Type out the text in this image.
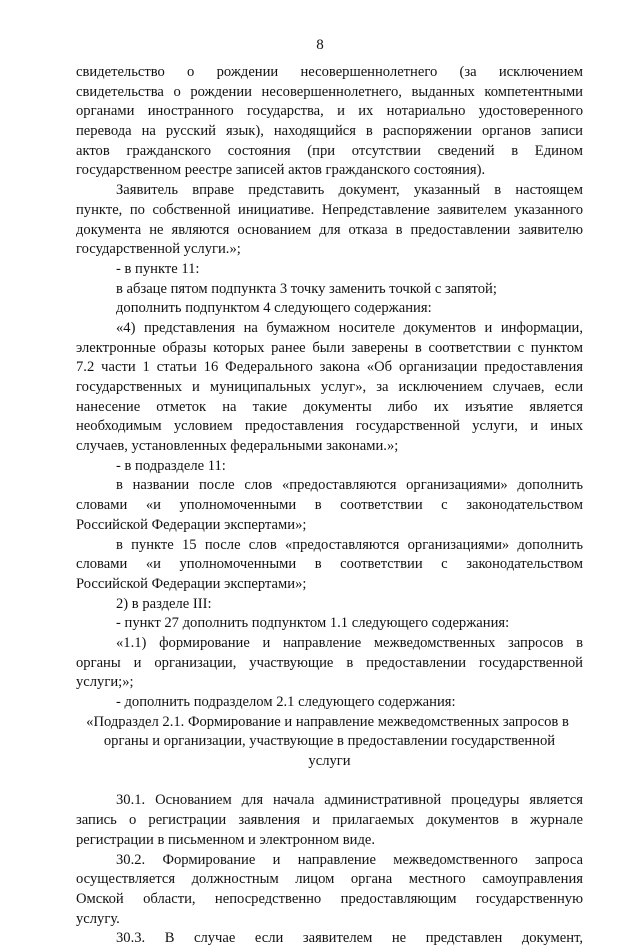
8
свидетельство о рождении несовершеннолетнего (за исключением
свидетельства о рождении несовершеннолетнего, выданных компетентными
органами иностранного государства, и их нотариально удостоверенного
перевода на русский язык), находящийся в распоряжении органов записи
актов гражданского состояния (при отсутствии сведений в Едином
государственном реестре записей актов гражданского состояния).
Заявитель вправе представить документ, указанный в настоящем
пункте, по собственной инициативе. Непредставление заявителем указанного
документа не являются основанием для отказа в предоставлении заявителю
государственной услуги.»;
- в пункте 11:
в абзаце пятом подпункта 3 точку заменить точкой с запятой;
дополнить подпунктом 4 следующего содержания:
«4) представления на бумажном носителе документов и информации,
электронные образы которых ранее были заверены в соответствии с пунктом
7.2 части 1 статьи 16 Федерального закона «Об организации предоставления
государственных и муниципальных услуг», за исключением случаев, если
нанесение отметок на такие документы либо их изъятие является
необходимым условием предоставления государственной услуги, и иных
случаев, установленных федеральными законами.»;
- в подразделе 11:
в названии после слов «предоставляются организациями» дополнить
словами «и уполномоченными в соответствии с законодательством
Российской Федерации экспертами»;
в пункте 15 после слов «предоставляются организациями» дополнить
словами «и уполномоченными в соответствии с законодательством
Российской Федерации экспертами»;
2) в разделе III:
- пункт 27 дополнить подпунктом 1.1 следующего содержания:
«1.1) формирование и направление межведомственных запросов в
органы и организации, участвующие в предоставлении государственной
услуги;»;
- дополнить подразделом 2.1 следующего содержания:
«Подраздел 2.1. Формирование и направление межведомственных запросов в
органы и организации, участвующие в предоставлении государственной
услуги
30.1. Основанием для начала административной процедуры является
запись о регистрации заявления и прилагаемых документов в журнале
регистрации в письменном и электронном виде.
30.2. Формирование и направление межведомственного запроса
осуществляется должностным лицом органа местного самоуправления
Омской области, непосредственно предоставляющим государственную
услугу.
30.3. В случае если заявителем не представлен документ,
